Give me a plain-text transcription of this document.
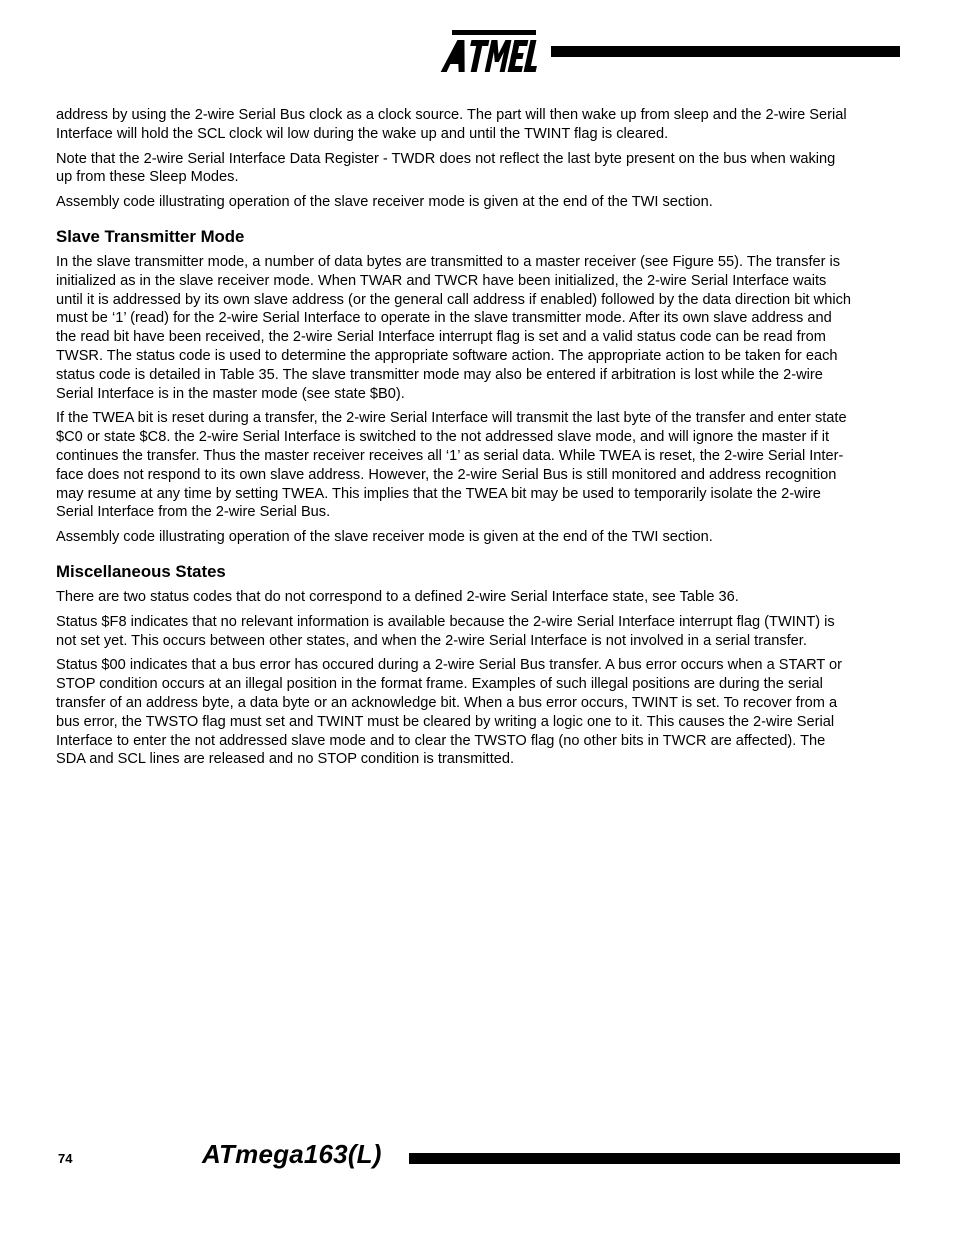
address by using the 2-wire Serial Bus clock as a clock source. The part will then wake up from sleep and the 2-wire Serial
Interface will hold the SCL clock wil low during the wake up and until the TWINT flag is cleared.

Note that the 2-wire Serial Interface Data Register - TWDR does not reflect the last byte present on the bus when waking
up from these Sleep Modes.

Assembly code illustrating operation of the slave receiver mode is given at the end of the TWI section.

Slave Transmitter Mode

In the slave transmitter mode, a number of data bytes are transmitted to a master receiver (see Figure 55). The transfer is
initialized as in the slave receiver mode. When TWAR and TWCR have been initialized, the 2-wire Serial Interface waits
until it is addressed by its own slave address (or the general call address if enabled) followed by the data direction bit which
must be ‘1’ (read) for the 2-wire Serial Interface to operate in the slave transmitter mode. After its own slave address and
the read bit have been received, the 2-wire Serial Interface interrupt flag is set and a valid status code can be read from
TWSR. The status code is used to determine the appropriate software action. The appropriate action to be taken for each
status code is detailed in Table 35. The slave transmitter mode may also be entered if arbitration is lost while the 2-wire
Serial Interface is in the master mode (see state $B0).

If the TWEA bit is reset during a transfer, the 2-wire Serial Interface will transmit the last byte of the transfer and enter state
$C0 or state $C8. the 2-wire Serial Interface is switched to the not addressed slave mode, and will ignore the master if it
continues the transfer. Thus the master receiver receives all ‘1’ as serial data. While TWEA is reset, the 2-wire Serial Inter-
face does not respond to its own slave address. However, the 2-wire Serial Bus is still monitored and address recognition
may resume at any time by setting TWEA. This implies that the TWEA bit may be used to temporarily isolate the 2-wire
Serial Interface from the 2-wire Serial Bus.

Assembly code illustrating operation of the slave receiver mode is given at the end of the TWI section.

Miscellaneous States

There are two status codes that do not correspond to a defined 2-wire Serial Interface state, see Table 36.

Status $F8 indicates that no relevant information is available because the 2-wire Serial Interface interrupt flag (TWINT) is
not set yet. This occurs between other states, and when the 2-wire Serial Interface is not involved in a serial transfer.

Status $00 indicates that a bus error has occured during a 2-wire Serial Bus transfer. A bus error occurs when a START or
STOP condition occurs at an illegal position in the format frame. Examples of such illegal positions are during the serial
transfer of an address byte, a data byte or an acknowledge bit. When a bus error occurs, TWINT is set. To recover from a
bus error, the TWSTO flag must set and TWINT must be cleared by writing a logic one to it. This causes the 2-wire Serial
Interface to enter the not addressed slave mode and to clear the TWSTO flag (no other bits in TWCR are affected). The
SDA and SCL lines are released and no STOP condition is transmitted.

74	ATmega163(L)
